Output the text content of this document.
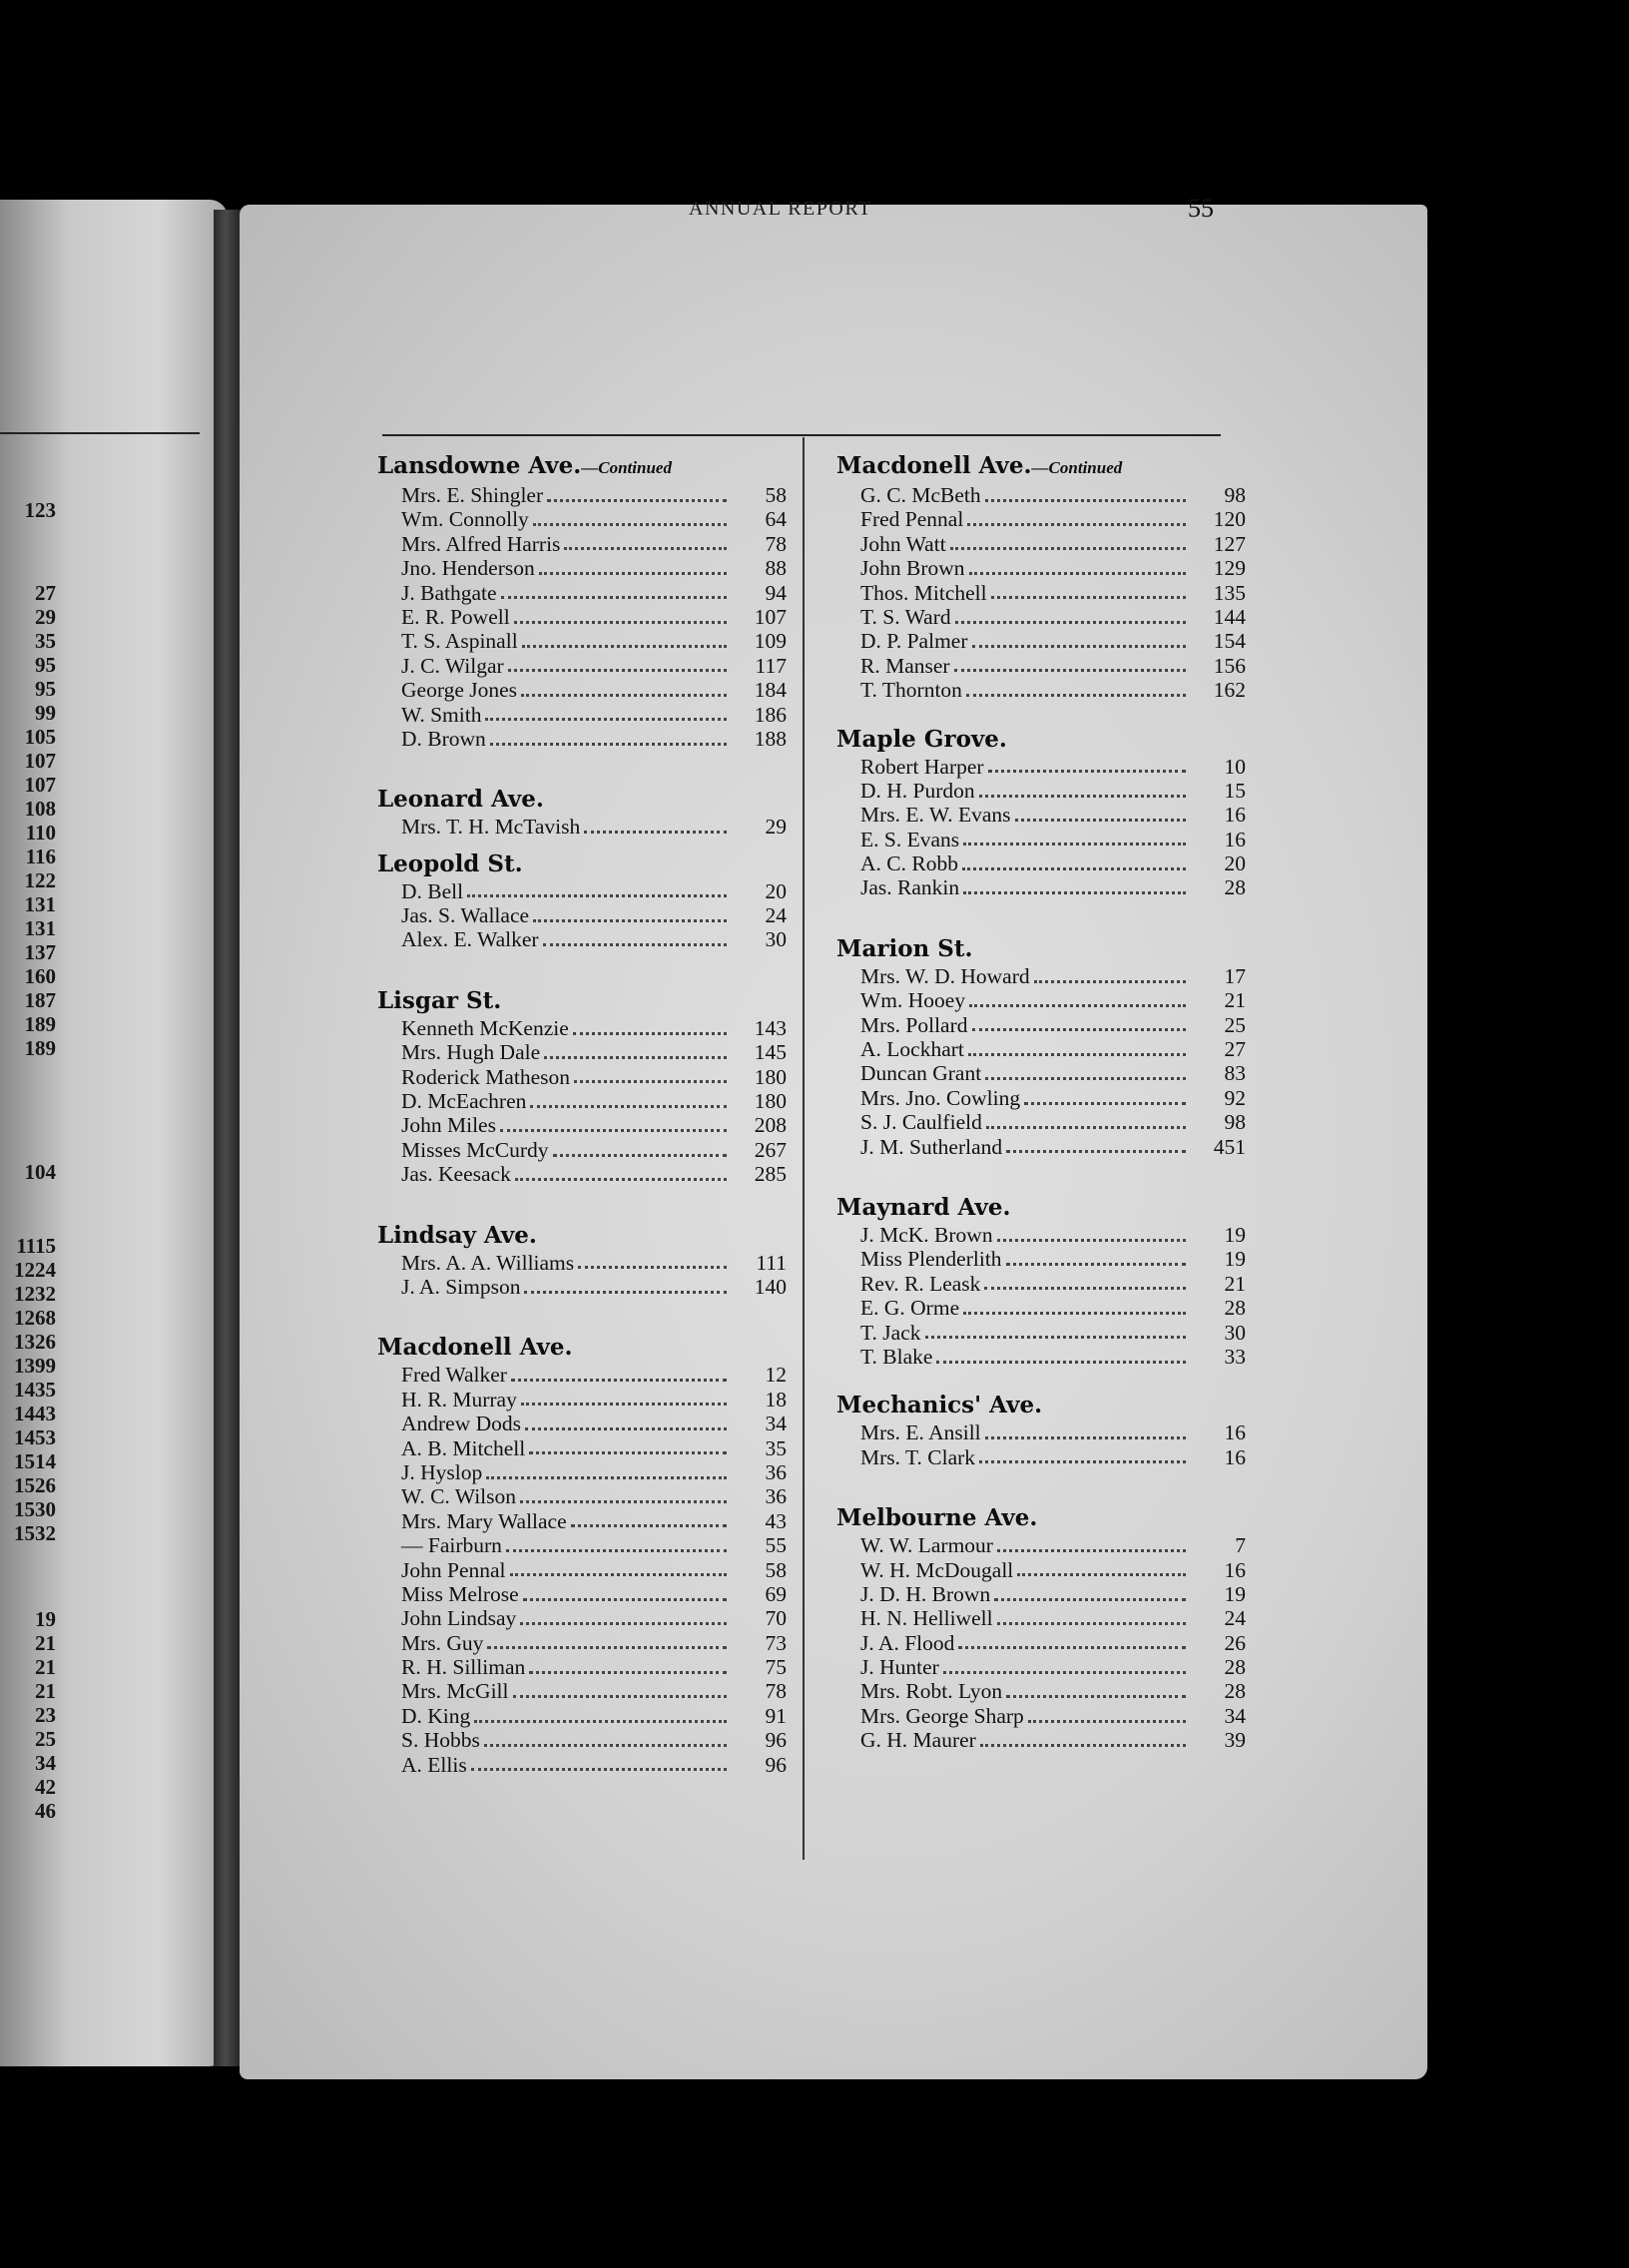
123
27
29
35
95
95
99
105
107
107
108
110
116
122
131
131
137
160
187
189
189
104
1115
1224
1232
1268
1326
1399
1435
1443
1453
1514
1526
1530
1532
19
21
21
21
23
25
34
42
46
ANNUAL REPORT	55
Lansdowne Ave.—Continued
Mrs. E. Shingler	58
Wm. Connolly	64
Mrs. Alfred Harris	78
Jno. Henderson	88
J. Bathgate	94
E. R. Powell	107
T. S. Aspinall	109
J. C. Wilgar	117
George Jones	184
W. Smith	186
D. Brown	188
Leonard Ave.
Mrs. T. H. McTavish	29
Leopold St.
D. Bell	20
Jas. S. Wallace	24
Alex. E. Walker	30
Lisgar St.
Kenneth McKenzie	143
Mrs. Hugh Dale	145
Roderick Matheson	180
D. McEachren	180
John Miles	208
Misses McCurdy	267
Jas. Keesack	285
Lindsay Ave.
Mrs. A. A. Williams	111
J. A. Simpson	140
Macdonell Ave.
Fred Walker	12
H. R. Murray	18
Andrew Dods	34
A. B. Mitchell	35
J. Hyslop	36
W. C. Wilson	36
Mrs. Mary Wallace	43
— Fairburn	55
John Pennal	58
Miss Melrose	69
John Lindsay	70
Mrs. Guy	73
R. H. Silliman	75
Mrs. McGill	78
D. King	91
S. Hobbs	96
A. Ellis	96
Macdonell Ave.—Continued
G. C. McBeth	98
Fred Pennal	120
John Watt	127
John Brown	129
Thos. Mitchell	135
T. S. Ward	144
D. P. Palmer	154
R. Manser	156
T. Thornton	162
Maple Grove.
Robert Harper	10
D. H. Purdon	15
Mrs. E. W. Evans	16
E. S. Evans	16
A. C. Robb	20
Jas. Rankin	28
Marion St.
Mrs. W. D. Howard	17
Wm. Hooey	21
Mrs. Pollard	25
A. Lockhart	27
Duncan Grant	83
Mrs. Jno. Cowling	92
S. J. Caulfield	98
J. M. Sutherland	451
Maynard Ave.
J. McK. Brown	19
Miss Plenderlith	19
Rev. R. Leask	21
E. G. Orme	28
T. Jack	30
T. Blake	33
Mechanics' Ave.
Mrs. E. Ansill	16
Mrs. T. Clark	16
Melbourne Ave.
W. W. Larmour	7
W. H. McDougall	16
J. D. H. Brown	19
H. N. Helliwell	24
J. A. Flood	26
J. Hunter	28
Mrs. Robt. Lyon	28
Mrs. George Sharp	34
G. H. Maurer	39
